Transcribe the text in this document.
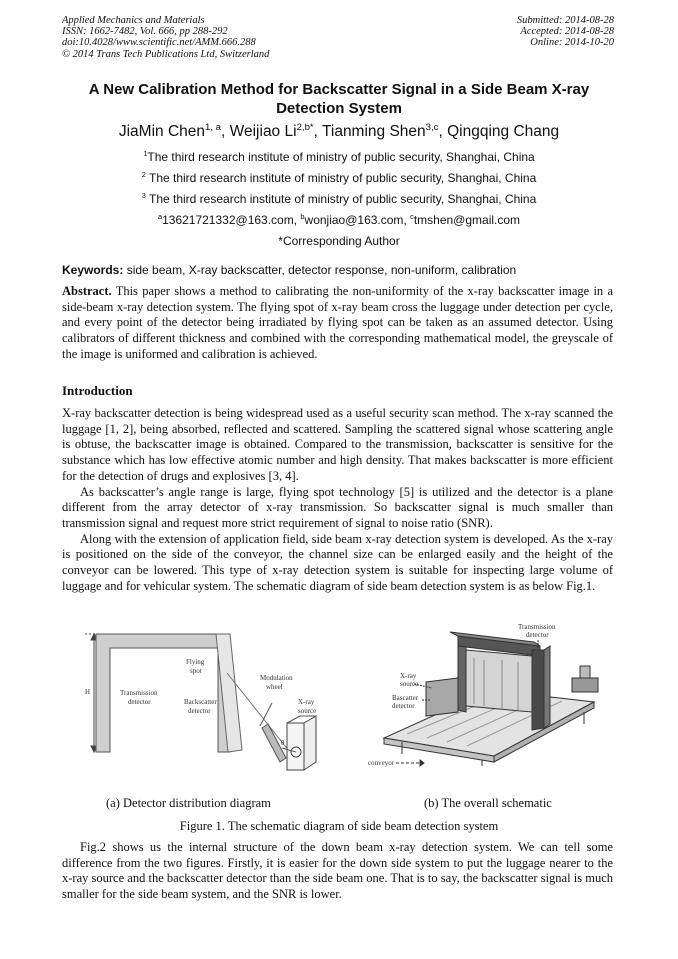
Applied Mechanics and Materials
ISSN: 1662-7482, Vol. 666, pp 288-292
doi:10.4028/www.scientific.net/AMM.666.288
© 2014 Trans Tech Publications Ltd, Switzerland
Submitted: 2014-08-28
Accepted: 2014-08-28
Online: 2014-10-20
A New Calibration Method for Backscatter Signal in a Side Beam X-ray Detection System
JiaMin Chen$^{1, a}$, Weijiao $Li^{2,b*}$, Tianming Shen$^{3,c}$, Qingqing Chang
$^1$The third research institute of ministry of public security, Shanghai, China
$^2$ The third research institute of ministry of public security, Shanghai, China
$^3$ The third research institute of ministry of public security, Shanghai, China
$^a$13621721332@163.com, $^b$wonjiao@163.com, $^c$tmshen@gmail.com
*Corresponding Author
Keywords: side beam, X-ray backscatter, detector response, non-uniform, calibration

Abstract. This paper shows a method to calibrating the non-uniformity of the x-ray backscatter image in a side-beam x-ray detection system. The flying spot of x-ray beam cross the luggage under detection per cycle, and every point of the detector being irradiated by flying spot can be taken as an assumed detector. Using calibrators of different thickness and combined with the corresponding mathematical model, the greyscale of the image is uniformed and calibration is achieved.

Introduction

X-ray backscatter detection is being widespread used as a useful security scan method. The x-ray scanned the luggage [1, 2], being absorbed, reflected and scattered. Sampling the scattered signal whose scattering angle is obtuse, the backscatter image is obtained. Compared to the transmission, backscatter is sensitive for the substance which has low effective atomic number and high density. That makes backscatter is more efficient for the detection of drugs and explosives [3, 4].

As backscatter’s angle range is large, flying spot technology [5] is utilized and the detector is a plane different from the array detector of x-ray transmission. So backscatter signal is much smaller than transmission signal and request more strict requirement of signal to noise ratio (SNR).

Along with the extension of application field, side beam x-ray detection system is developed. As the x-ray is positioned on the side of the conveyor, the channel size can be enlarged easily and the height of the conveyor can be lowered. This type of x-ray detection system is suitable for inspecting large volume of luggage and for vehicular system. The schematic diagram of side beam detection system is as below Fig.1.

H	Transmission
detector
Flying
spot
Backscatter
detector
Modulation
wheel
X-ray
source
θ
Transmission
detector
X-ray
source
Bascatter
detector
conveyor
(a) Detector distribution diagram	(b) The overall schematic
Figure 1. The schematic diagram of side beam detection system

Fig.2 shows us the internal structure of the down beam x-ray detection system. We can tell some difference from the two figures. Firstly, it is easier for the down side system to put the luggage nearer to the x-ray source and the backscatter detector than the side beam one. That is to say, the backscatter signal is much smaller for the side beam system, and the SNR is lower.
